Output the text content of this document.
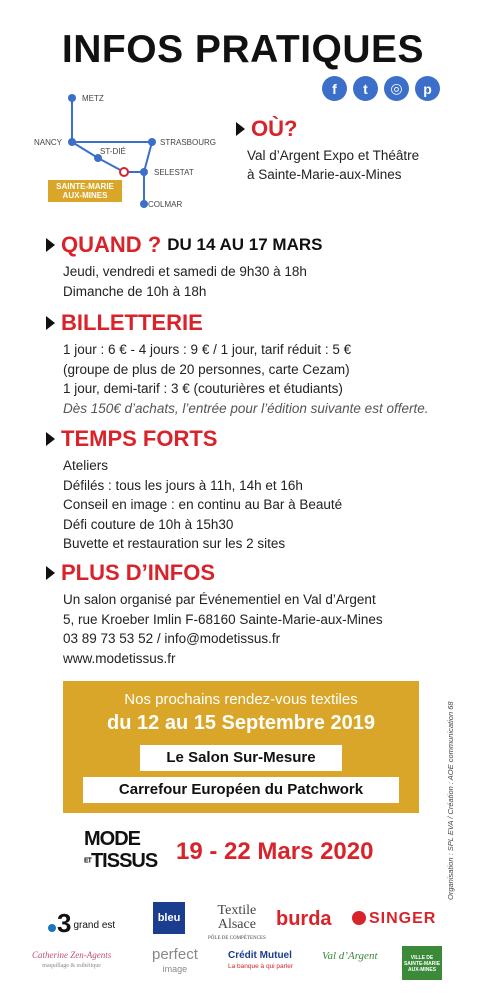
INFOS PRATIQUES
f	t	◎	p
METZ
NANCY
ST-DIÉ
STRASBOURG
SELESTAT
COLMAR
SAINTE-MARIE
AUX-MINES
OÙ?

Val d’Argent Expo et Théâtre

à Sainte-Marie-aux-Mines

QUAND ? DU 14 AU 17 MARS

Jeudi, vendredi et samedi de 9h30 à 18h

Dimanche de 10h à 18h

BILLETTERIE

1 jour : 6 € - 4 jours : 9 € / 1 jour, tarif réduit : 5 €

(groupe de plus de 20 personnes, carte Cezam)

1 jour, demi-tarif : 3 € (couturières et étudiants)

Dès 150€ d’achats, l’entrée pour l’édition suivante est offerte.

TEMPS FORTS

Ateliers

Défilés : tous les jours à 11h, 14h et 16h

Conseil en image : en continu au Bar à Beauté

Défi couture de 10h à 15h30

Buvette et restauration sur les 2 sites

PLUS D’INFOS

Un salon organisé par Événementiel en Val d’Argent

5, rue Kroeber Imlin F-68160 Sainte-Marie-aux-Mines

03 89 73 53 52 / info@modetissus.fr

www.modetissus.fr

Nos prochains rendez-vous textiles
du 12 au 15 Septembre 2019
Le Salon Sur-Mesure
Carrefour Européen du Patchwork	Organisation : SPL EVA / Création : AOE communication 68
MODE
ETTISSUS 19 - 22 Mars 2020
3 grand est
bleu	Textile
Alsace
PÔLE DE COMPÉTENCES
burda	SINGER
Catherine Zen-Agents
maquillage & esthétique
perfect
image
Crédit Mutuel
La banque à qui parler
Val d’Argent	VILLE DE SAINTE-MARIE AUX-MINES
